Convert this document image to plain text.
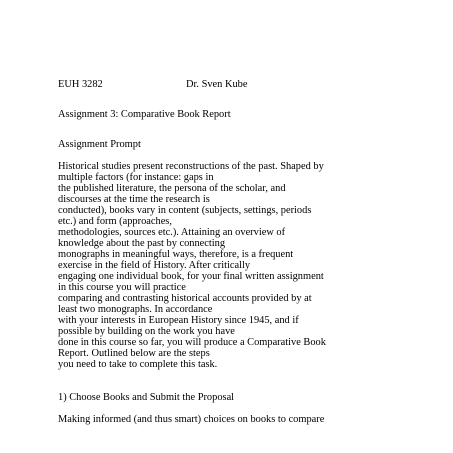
EUH 3282	Dr. Sven Kube

Assignment 3: Comparative Book Report

Assignment Prompt

Historical studies present reconstructions of the past. Shaped by

multiple factors (for instance: gaps in

the published literature, the persona of the scholar, and

discourses at the time the research is

conducted), books vary in content (subjects, settings, periods

etc.) and form (approaches,

methodologies, sources etc.). Attaining an overview of

knowledge about the past by connecting

monographs in meaningful ways, therefore, is a frequent

exercise in the field of History. After critically

engaging one individual book, for your final written assignment

in this course you will practice

comparing and contrasting historical accounts provided by at

least two monographs. In accordance

with your interests in European History since 1945, and if

possible by building on the work you have

done in this course so far, you will produce a Comparative Book

Report. Outlined below are the steps

you need to take to complete this task.

1) Choose Books and Submit the Proposal

Making informed (and thus smart) choices on books to compare
